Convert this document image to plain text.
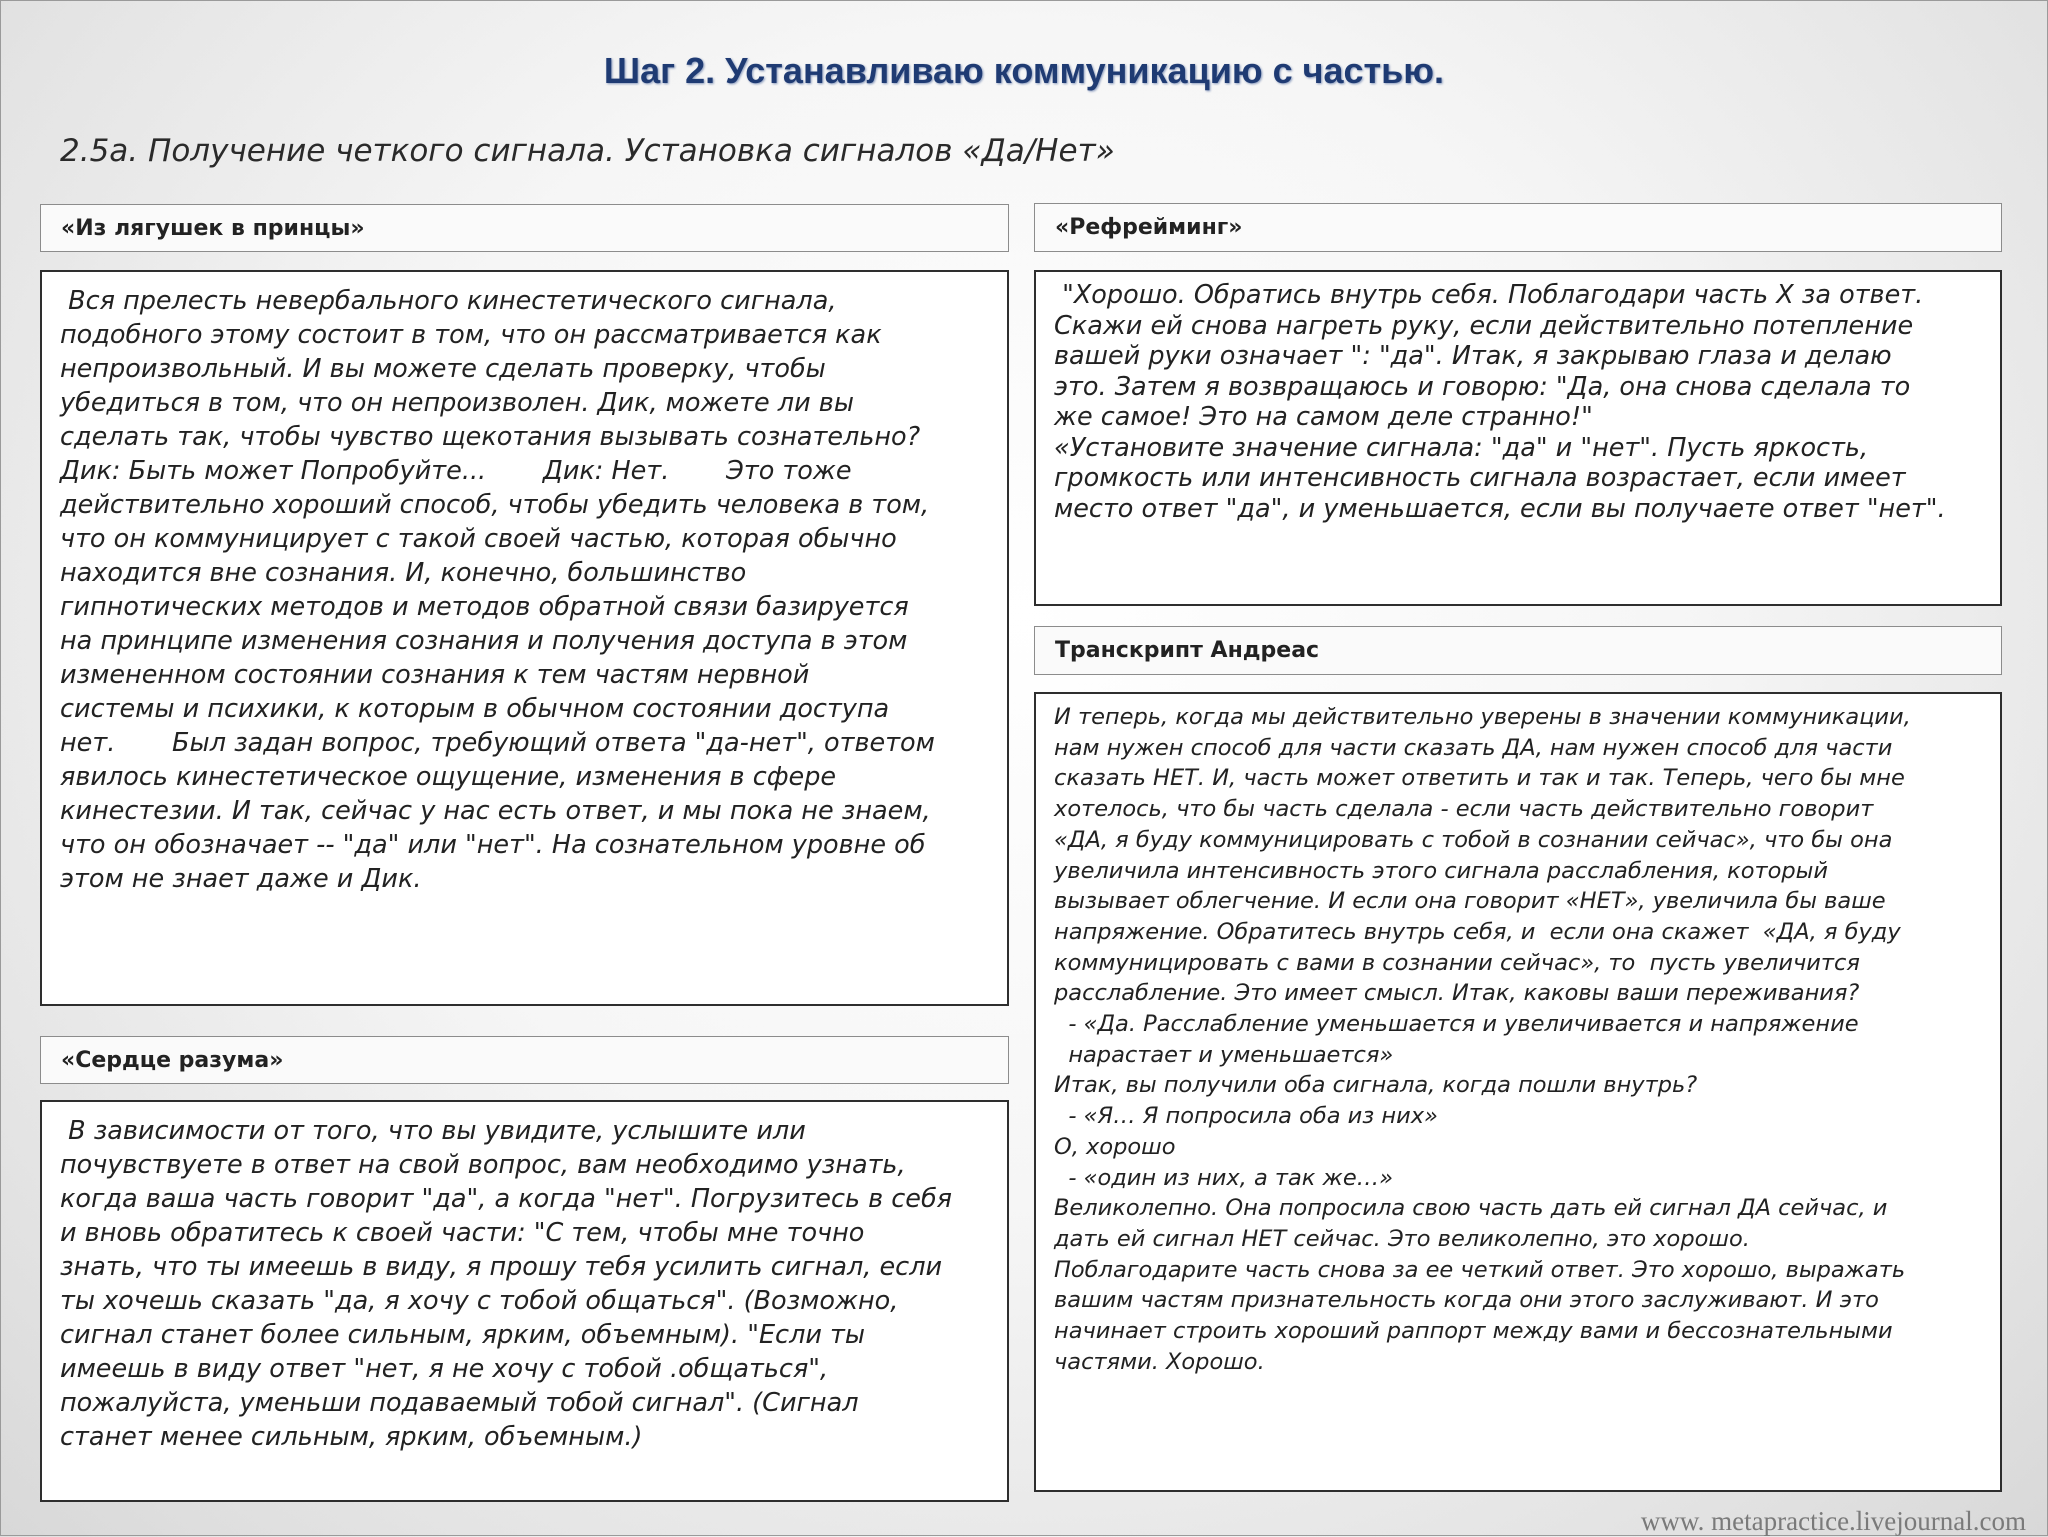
Шаг 2. Устанавливаю коммуникацию с частью.
2.5а. Получение четкого сигнала. Установка сигналов «Да/Нет»
«Из лягушек в принцы»
Вся прелесть невербального кинестетического сигнала,
подобного этому состоит в том, что он рассматривается как
непроизвольный. И вы можете сделать проверку, чтобы
убедиться в том, что он непроизволен. Дик, можете ли вы
сделать так, чтобы чувство щекотания вызывать сознательно?
Дик: Быть может Попробуйте...       Дик: Нет.       Это тоже
действительно хороший способ, чтобы убедить человека в том,
что он коммуницирует с такой своей частью, которая обычно
находится вне сознания. И, конечно, большинство
гипнотических методов и методов обратной связи базируется
на принципе изменения сознания и получения доступа в этом
измененном состоянии сознания к тем частям нервной
системы и психики, к которым в обычном состоянии доступа
нет.       Был задан вопрос, требующий ответа "да-нет", ответом
явилось кинестетическое ощущение, изменения в сфере
кинестезии. И так, сейчас у нас есть ответ, и мы пока не знаем,
что он обозначает -- "да" или "нет". На сознательном уровне об
этом не знает даже и Дик.
«Сердце разума»
В зависимости от того, что вы увидите, услышите или
почувствуете в ответ на свой вопрос, вам необходимо узнать,
когда ваша часть говорит "да", а когда "нет". Погрузитесь в себя
и вновь обратитесь к своей части: "С тем, чтобы мне точно
знать, что ты имеешь в виду, я прошу тебя усилить сигнал, если
ты хочешь сказать "да, я хочу с тобой общаться". (Возможно,
сигнал станет более сильным, ярким, объемным). "Если ты
имеешь в виду ответ "нет, я не хочу с тобой .общаться",
пожалуйста, уменьши подаваемый тобой сигнал". (Сигнал
станет менее сильным, ярким, объемным.)
«Рефрейминг»
"Хорошо. Обратись внутрь себя. Поблагодари часть X за ответ.
Скажи ей снова нагреть руку, если действительно потепление
вашей руки означает ": "да". Итак, я закрываю глаза и делаю
это. Затем я возвращаюсь и говорю: "Да, она снова сделала то
же самое! Это на самом деле странно!"
«Установите значение сигнала: "да" и "нет". Пусть яркость,
громкость или интенсивность сигнала возрастает, если имеет
место ответ "да", и уменьшается, если вы получаете ответ "нет".
Транскрипт Андреас
И теперь, когда мы действительно уверены в значении коммуникации,
нам нужен способ для части сказать ДА, нам нужен способ для части
сказать НЕТ. И, часть может ответить и так и так. Теперь, чего бы мне
хотелось, что бы часть сделала - если часть действительно говорит
«ДА, я буду коммуницировать с тобой в сознании сейчас», что бы она
увеличила интенсивность этого сигнала расслабления, который
вызывает облегчение. И если она говорит «НЕТ», увеличила бы ваше
напряжение. Обратитесь внутрь себя, и  если она скажет  «ДА, я буду
коммуницировать с вами в сознании сейчас», то  пусть увеличится
расслабление. Это имеет смысл. Итак, каковы ваши переживания?
- «Да. Расслабление уменьшается и увеличивается и напряжение
нарастает и уменьшается»
Итак, вы получили оба сигнала, когда пошли внутрь?
- «Я… Я попросила оба из них»
О, хорошо
- «один из них, а так же…»
Великолепно. Она попросила свою часть дать ей сигнал ДА сейчас, и
дать ей сигнал НЕТ сейчас. Это великолепно, это хорошо.
Поблагодарите часть снова за ее четкий ответ. Это хорошо, выражать
вашим частям признательность когда они этого заслуживают. И это
начинает строить хороший раппорт между вами и бессознательными
частями. Хорошо.
www. metapractice.livejournal.com
